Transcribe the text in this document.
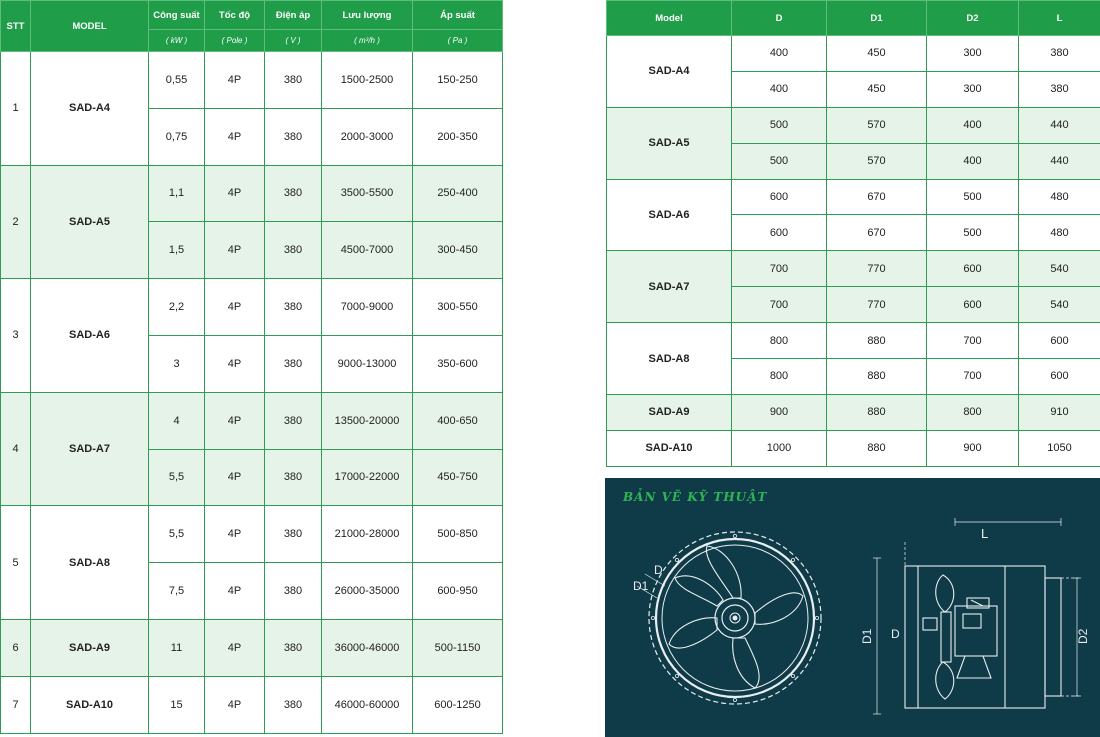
STT	MODEL	Công suất	Tốc độ	Điện áp	Lưu lượng	Áp suất
		( kW )	( Pole )	( V )	( m³/h )	( Pa )
1	SAD-A4	0,55	4P	380	1500-2500	150-250
		0,75	4P	380	2000-3000	200-350
2	SAD-A5	1,1	4P	380	3500-5500	250-400
		1,5	4P	380	4500-7000	300-450
3	SAD-A6	2,2	4P	380	7000-9000	300-550
		3	4P	380	9000-13000	350-600
4	SAD-A7	4	4P	380	13500-20000	400-650
		5,5	4P	380	17000-22000	450-750
5	SAD-A8	5,5	4P	380	21000-28000	500-850
		7,5	4P	380	26000-35000	600-950
6	SAD-A9	11	4P	380	36000-46000	500-1150
7	SAD-A10	15	4P	380	46000-60000	600-1250
Model	D	D1	D2	L
SAD-A4	400	450	300	380
	400	450	300	380
SAD-A5	500	570	400	440
	500	570	400	440
SAD-A6	600	670	500	480
	600	670	500	480
SAD-A7	700	770	600	540
	700	770	600	540
SAD-A8	800	880	700	600
	800	880	700	600
SAD-A9	900	880	800	910
SAD-A10	1000	880	900	1050
BẢN VẼ KỸ THUẬT
D
D1
L
D
D1	D2
